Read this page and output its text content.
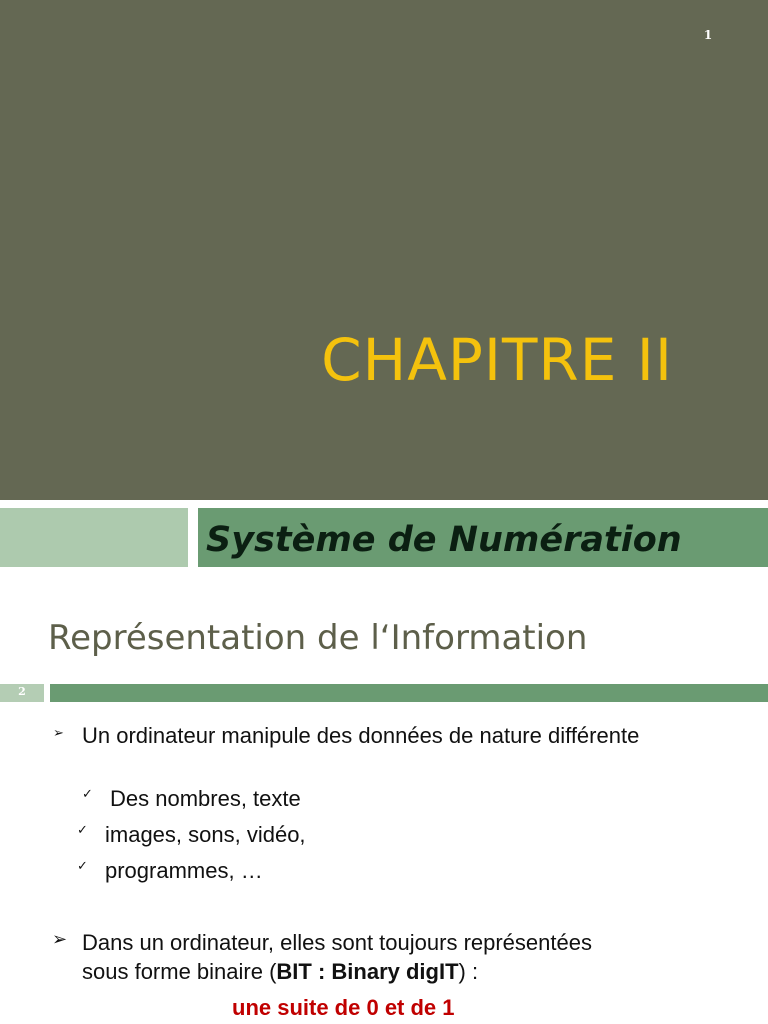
1
CHAPITRE II
Système de Numération
Représentation de l‘Information
2
➢ Un ordinateur manipule des données de nature différente
✓ Des nombres, texte
✓ images, sons, vidéo,
✓ programmes, …
➢ Dans un ordinateur, elles sont toujours représentées
sous forme binaire (BIT : Binary digIT) :
une suite de 0 et de 1
